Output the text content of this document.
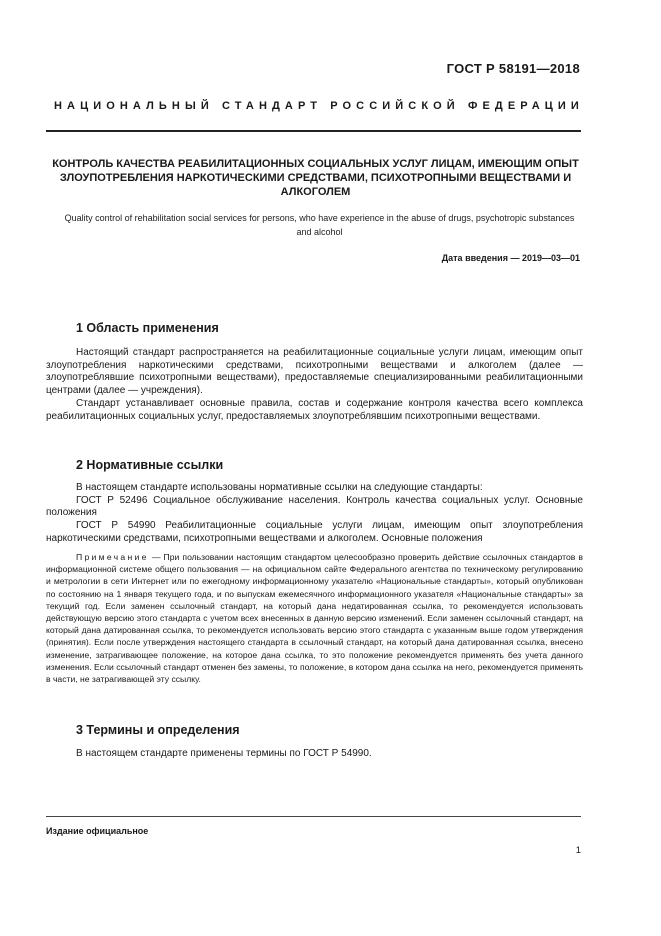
ГОСТ Р 58191—2018
НАЦИОНАЛЬНЫЙ СТАНДАРТ РОССИЙСКОЙ ФЕДЕРАЦИИ
КОНТРОЛЬ КАЧЕСТВА РЕАБИЛИТАЦИОННЫХ СОЦИАЛЬНЫХ УСЛУГ ЛИЦАМ, ИМЕЮЩИМ ОПЫТ ЗЛОУПОТРЕБЛЕНИЯ НАРКОТИЧЕСКИМИ СРЕДСТВАМИ, ПСИХОТРОПНЫМИ ВЕЩЕСТВАМИ И АЛКОГОЛЕМ
Quality control of rehabilitation social services for persons, who have experience in the abuse of drugs, psychotropic substances and alcohol
Дата введения — 2019—03—01
1 Область применения

Настоящий стандарт распространяется на реабилитационные социальные услуги лицам, имеющим опыт злоупотребления наркотическими средствами, психотропными веществами и алкоголем (далее — злоупотреблявшие психотропными веществами), предоставляемые специализированными реабилитационными центрами (далее — учреждения).

Стандарт устанавливает основные правила, состав и содержание контроля качества всего комплекса реабилитационных социальных услуг, предоставляемых злоупотреблявшим психотропными веществами.

2 Нормативные ссылки

В настоящем стандарте использованы нормативные ссылки на следующие стандарты:

ГОСТ Р 52496 Социальное обслуживание населения. Контроль качества социальных услуг. Основные положения

ГОСТ Р 54990 Реабилитационные социальные услуги лицам, имеющим опыт злоупотребления наркотическими средствами, психотропными веществами и алкоголем. Основные положения

Примечание — При пользовании настоящим стандартом целесообразно проверить действие ссылочных стандартов в информационной системе общего пользования — на официальном сайте Федерального агентства по техническому регулированию и метрологии в сети Интернет или по ежегодному информационному указателю «Национальные стандарты», который опубликован по состоянию на 1 января текущего года, и по выпускам ежемесячного информационного указателя «Национальные стандарты» за текущий год. Если заменен ссылочный стандарт, на который дана недатированная ссылка, то рекомендуется использовать действующую версию этого стандарта с учетом всех внесенных в данную версию изменений. Если заменен ссылочный стандарт, на который дана датированная ссылка, то рекомендуется использовать версию этого стандарта с указанным выше годом утверждения (принятия). Если после утверждения настоящего стандарта в ссылочный стандарт, на который дана датированная ссылка, внесено изменение, затрагивающее положение, на которое дана ссылка, то это положение рекомендуется применять без учета данного изменения. Если ссылочный стандарт отменен без замены, то положение, в котором дана ссылка на него, рекомендуется применять в части, не затрагивающей эту ссылку.

3 Термины и определения

В настоящем стандарте применены термины по ГОСТ Р 54990.

Издание официальное
1
